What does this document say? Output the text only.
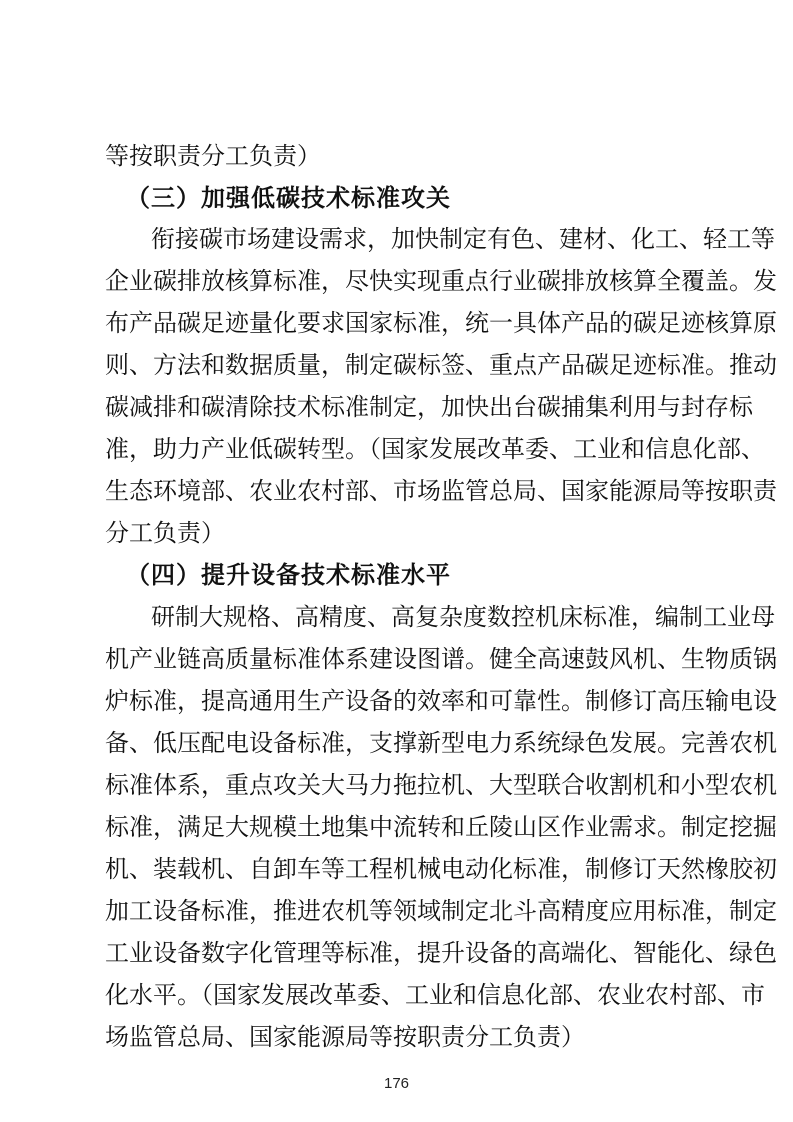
等按职责分工负责）

（三）加强低碳技术标准攻关

衔接碳市场建设需求，加快制定有色、建材、化工、轻工等

企业碳排放核算标准，尽快实现重点行业碳排放核算全覆盖。发

布产品碳足迹量化要求国家标准，统一具体产品的碳足迹核算原

则、方法和数据质量，制定碳标签、重点产品碳足迹标准。推动

碳减排和碳清除技术标准制定，加快出台碳捕集利用与封存标

准，助力产业低碳转型。（国家发展改革委、工业和信息化部、

生态环境部、农业农村部、市场监管总局、国家能源局等按职责

分工负责）

（四）提升设备技术标准水平

研制大规格、高精度、高复杂度数控机床标准，编制工业母

机产业链高质量标准体系建设图谱。健全高速鼓风机、生物质锅

炉标准，提高通用生产设备的效率和可靠性。制修订高压输电设

备、低压配电设备标准，支撑新型电力系统绿色发展。完善农机

标准体系，重点攻关大马力拖拉机、大型联合收割机和小型农机

标准，满足大规模土地集中流转和丘陵山区作业需求。制定挖掘

机、装载机、自卸车等工程机械电动化标准，制修订天然橡胶初

加工设备标准，推进农机等领域制定北斗高精度应用标准，制定

工业设备数字化管理等标准，提升设备的高端化、智能化、绿色

化水平。（国家发展改革委、工业和信息化部、农业农村部、市

场监管总局、国家能源局等按职责分工负责）

176
